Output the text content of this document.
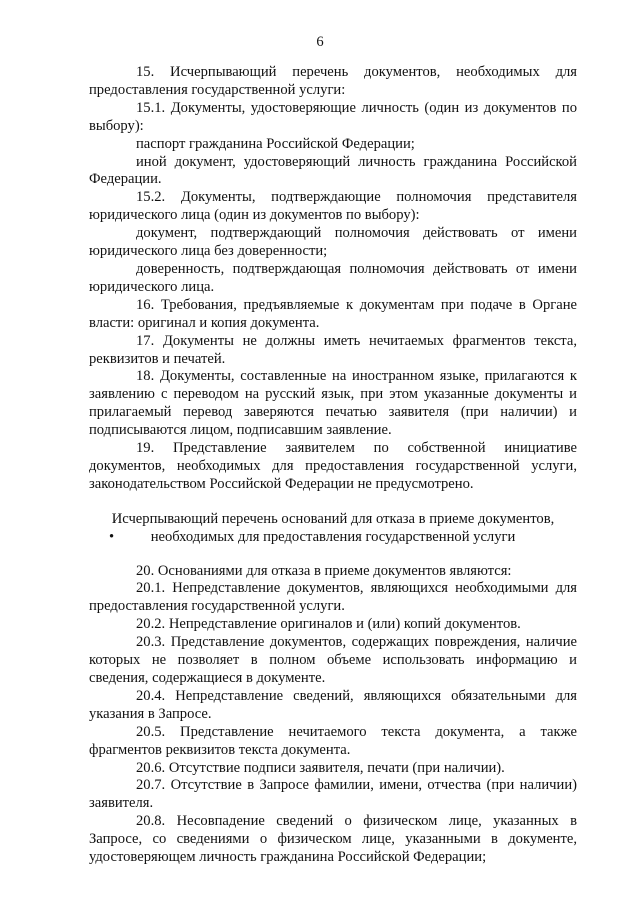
6

15. Исчерпывающий перечень документов, необходимых для предоставления государственной услуги:

15.1. Документы, удостоверяющие личность (один из документов по выбору):

паспорт гражданина Российской Федерации;

иной документ, удостоверяющий личность гражданина Российской Федерации.

15.2. Документы, подтверждающие полномочия представителя юридического лица (один из документов по выбору):

документ, подтверждающий полномочия действовать от имени юридического лица без доверенности;

доверенность, подтверждающая полномочия действовать от имени юридического лица.

16. Требования, предъявляемые к документам при подаче в Органе власти: оригинал и копия документа.

17. Документы не должны иметь нечитаемых фрагментов текста, реквизитов и печатей.

18. Документы, составленные на иностранном языке, прилагаются к заявлению с переводом на русский язык, при этом указанные документы и прилагаемый перевод заверяются печатью заявителя (при наличии) и подписываются лицом, подписавшим заявление.

19. Представление заявителем по собственной инициативе документов, необходимых для предоставления государственной услуги, законодательством Российской Федерации не предусмотрено.

Исчерпывающий перечень оснований для отказа в приеме документов,
•	необходимых для предоставления государственной услуги

20. Основаниями для отказа в приеме документов являются:

20.1. Непредставление документов, являющихся необходимыми для предоставления государственной услуги.

20.2. Непредставление оригиналов и (или) копий документов.

20.3. Представление документов, содержащих повреждения, наличие которых не позволяет в полном объеме использовать информацию и сведения, содержащиеся в документе.

20.4. Непредставление сведений, являющихся обязательными для указания в Запросе.

20.5. Представление нечитаемого текста документа, а также фрагментов реквизитов текста документа.

20.6. Отсутствие подписи заявителя, печати (при наличии).

20.7. Отсутствие в Запросе фамилии, имени, отчества (при наличии) заявителя.

20.8. Несовпадение сведений о физическом лице, указанных в Запросе, со сведениями о физическом лице, указанными в документе, удостоверяющем личность гражданина Российской Федерации;
